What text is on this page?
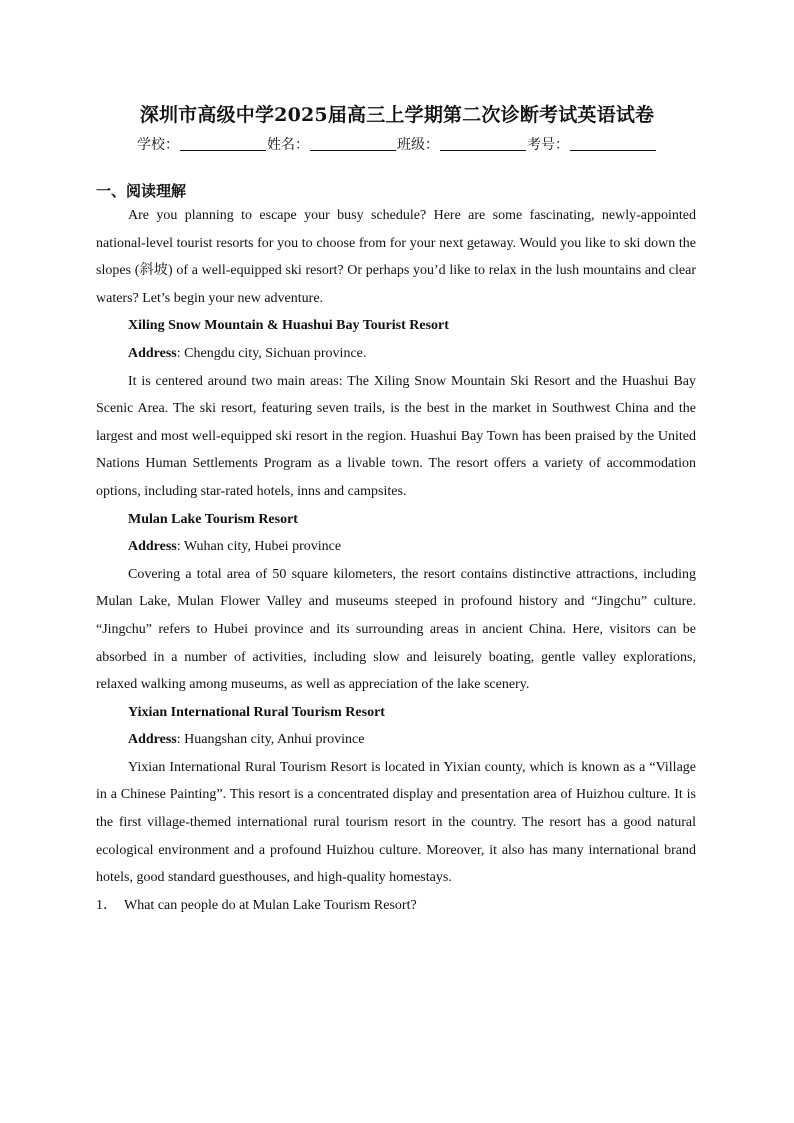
深圳市高级中学2025届高三上学期第二次诊断考试英语试卷
学校：	姓名：	班级：	考号：
一、阅读理解

Are you planning to escape your busy schedule? Here are some fascinating, newly-appointed national-level tourist resorts for you to choose from for your next getaway. Would you like to ski down the slopes (斜坡) of a well-equipped ski resort? Or perhaps you’d like to relax in the lush mountains and clear waters? Let’s begin your new adventure.

Xiling Snow Mountain & Huashui Bay Tourist Resort

Address: Chengdu city, Sichuan province.

It is centered around two main areas: The Xiling Snow Mountain Ski Resort and the Huashui Bay Scenic Area. The ski resort, featuring seven trails, is the best in the market in Southwest China and the largest and most well-equipped ski resort in the region. Huashui Bay Town has been praised by the United Nations Human Settlements Program as a livable town. The resort offers a variety of accommodation options, including star-rated hotels, inns and campsites.

Mulan Lake Tourism Resort

Address: Wuhan city, Hubei province

Covering a total area of 50 square kilometers, the resort contains distinctive attractions, including Mulan Lake, Mulan Flower Valley and museums steeped in profound history and “Jingchu” culture. “Jingchu” refers to Hubei province and its surrounding areas in ancient China. Here, visitors can be absorbed in a number of activities, including slow and leisurely boating, gentle valley explorations, relaxed walking among museums, as well as appreciation of the lake scenery.

Yixian International Rural Tourism Resort

Address: Huangshan city, Anhui province

Yixian International Rural Tourism Resort is located in Yixian county, which is known as a “Village in a Chinese Painting”. This resort is a concentrated display and presentation area of Huizhou culture. It is the first village-themed international rural tourism resort in the country. The resort has a good natural ecological environment and a profound Huizhou culture. Moreover, it also has many international brand hotels, good standard guesthouses, and high-quality homestays.

1． What can people do at Mulan Lake Tourism Resort?
